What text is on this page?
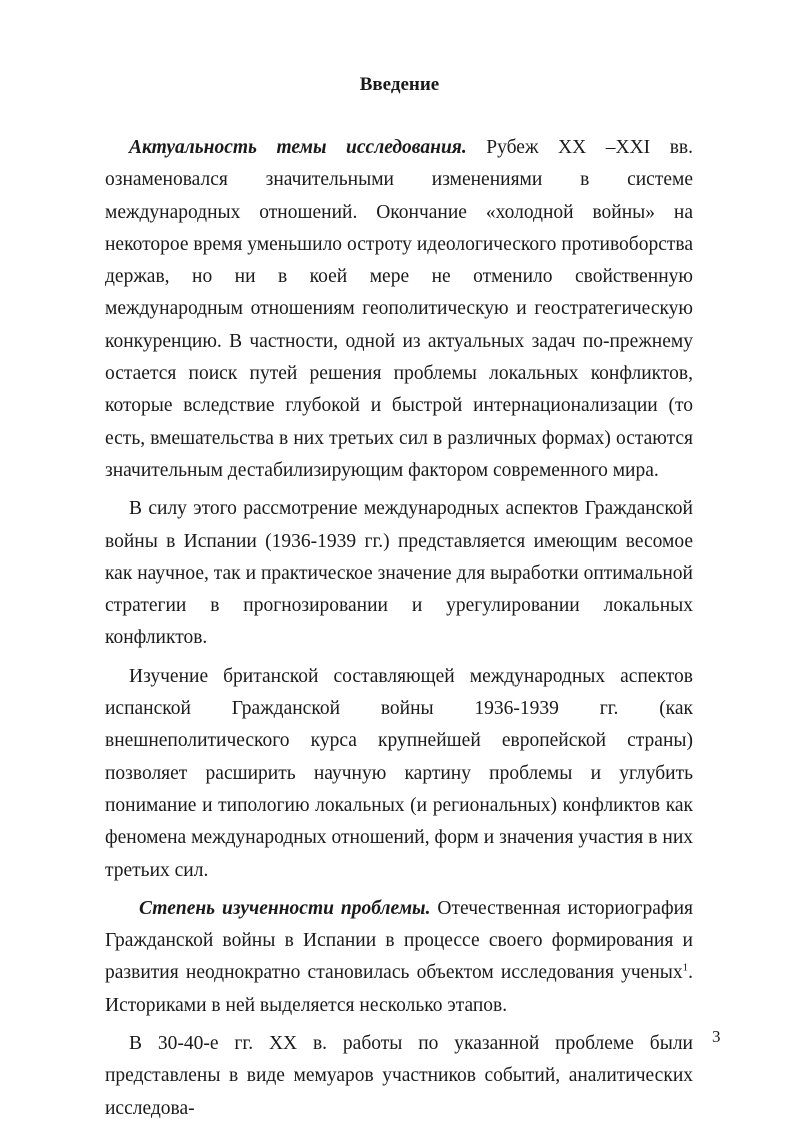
Введение

Актуальность темы исследования. Рубеж XX –XXI вв. ознаменовался значительными изменениями в системе международных отношений. Окончание «холодной войны» на некоторое время уменьшило остроту идеологического противоборства держав, но ни в коей мере не отменило свойственную международным отношениям геополитическую и геостратегическую конкуренцию. В частности, одной из актуальных задач по-прежнему остается поиск путей решения проблемы локальных конфликтов, которые вследствие глубокой и быстрой интернационализации (то есть, вмешательства в них третьих сил в различных формах) остаются значительным дестабилизирующим фактором современного мира.

В силу этого рассмотрение международных аспектов Гражданской войны в Испании (1936-1939 гг.) представляется имеющим весомое как научное, так и практическое значение для выработки оптимальной стратегии в прогнозировании и урегулировании локальных конфликтов.

Изучение британской составляющей международных аспектов испанской Гражданской войны 1936-1939 гг. (как внешнеполитического курса крупнейшей европейской страны) позволяет расширить научную картину проблемы и углубить понимание и типологию локальных (и региональных) конфликтов как феномена международных отношений, форм и значения участия в них третьих сил.

Степень изученности проблемы. Отечественная историография Гражданской войны в Испании в процессе своего формирования и развития неоднократно становилась объектом исследования ученых$^1$. Историками в ней выделяется несколько этапов.

В 30-40-е гг. XX в. работы по указанной проблеме были представлены в виде мемуаров участников событий, аналитических исследова-

3
